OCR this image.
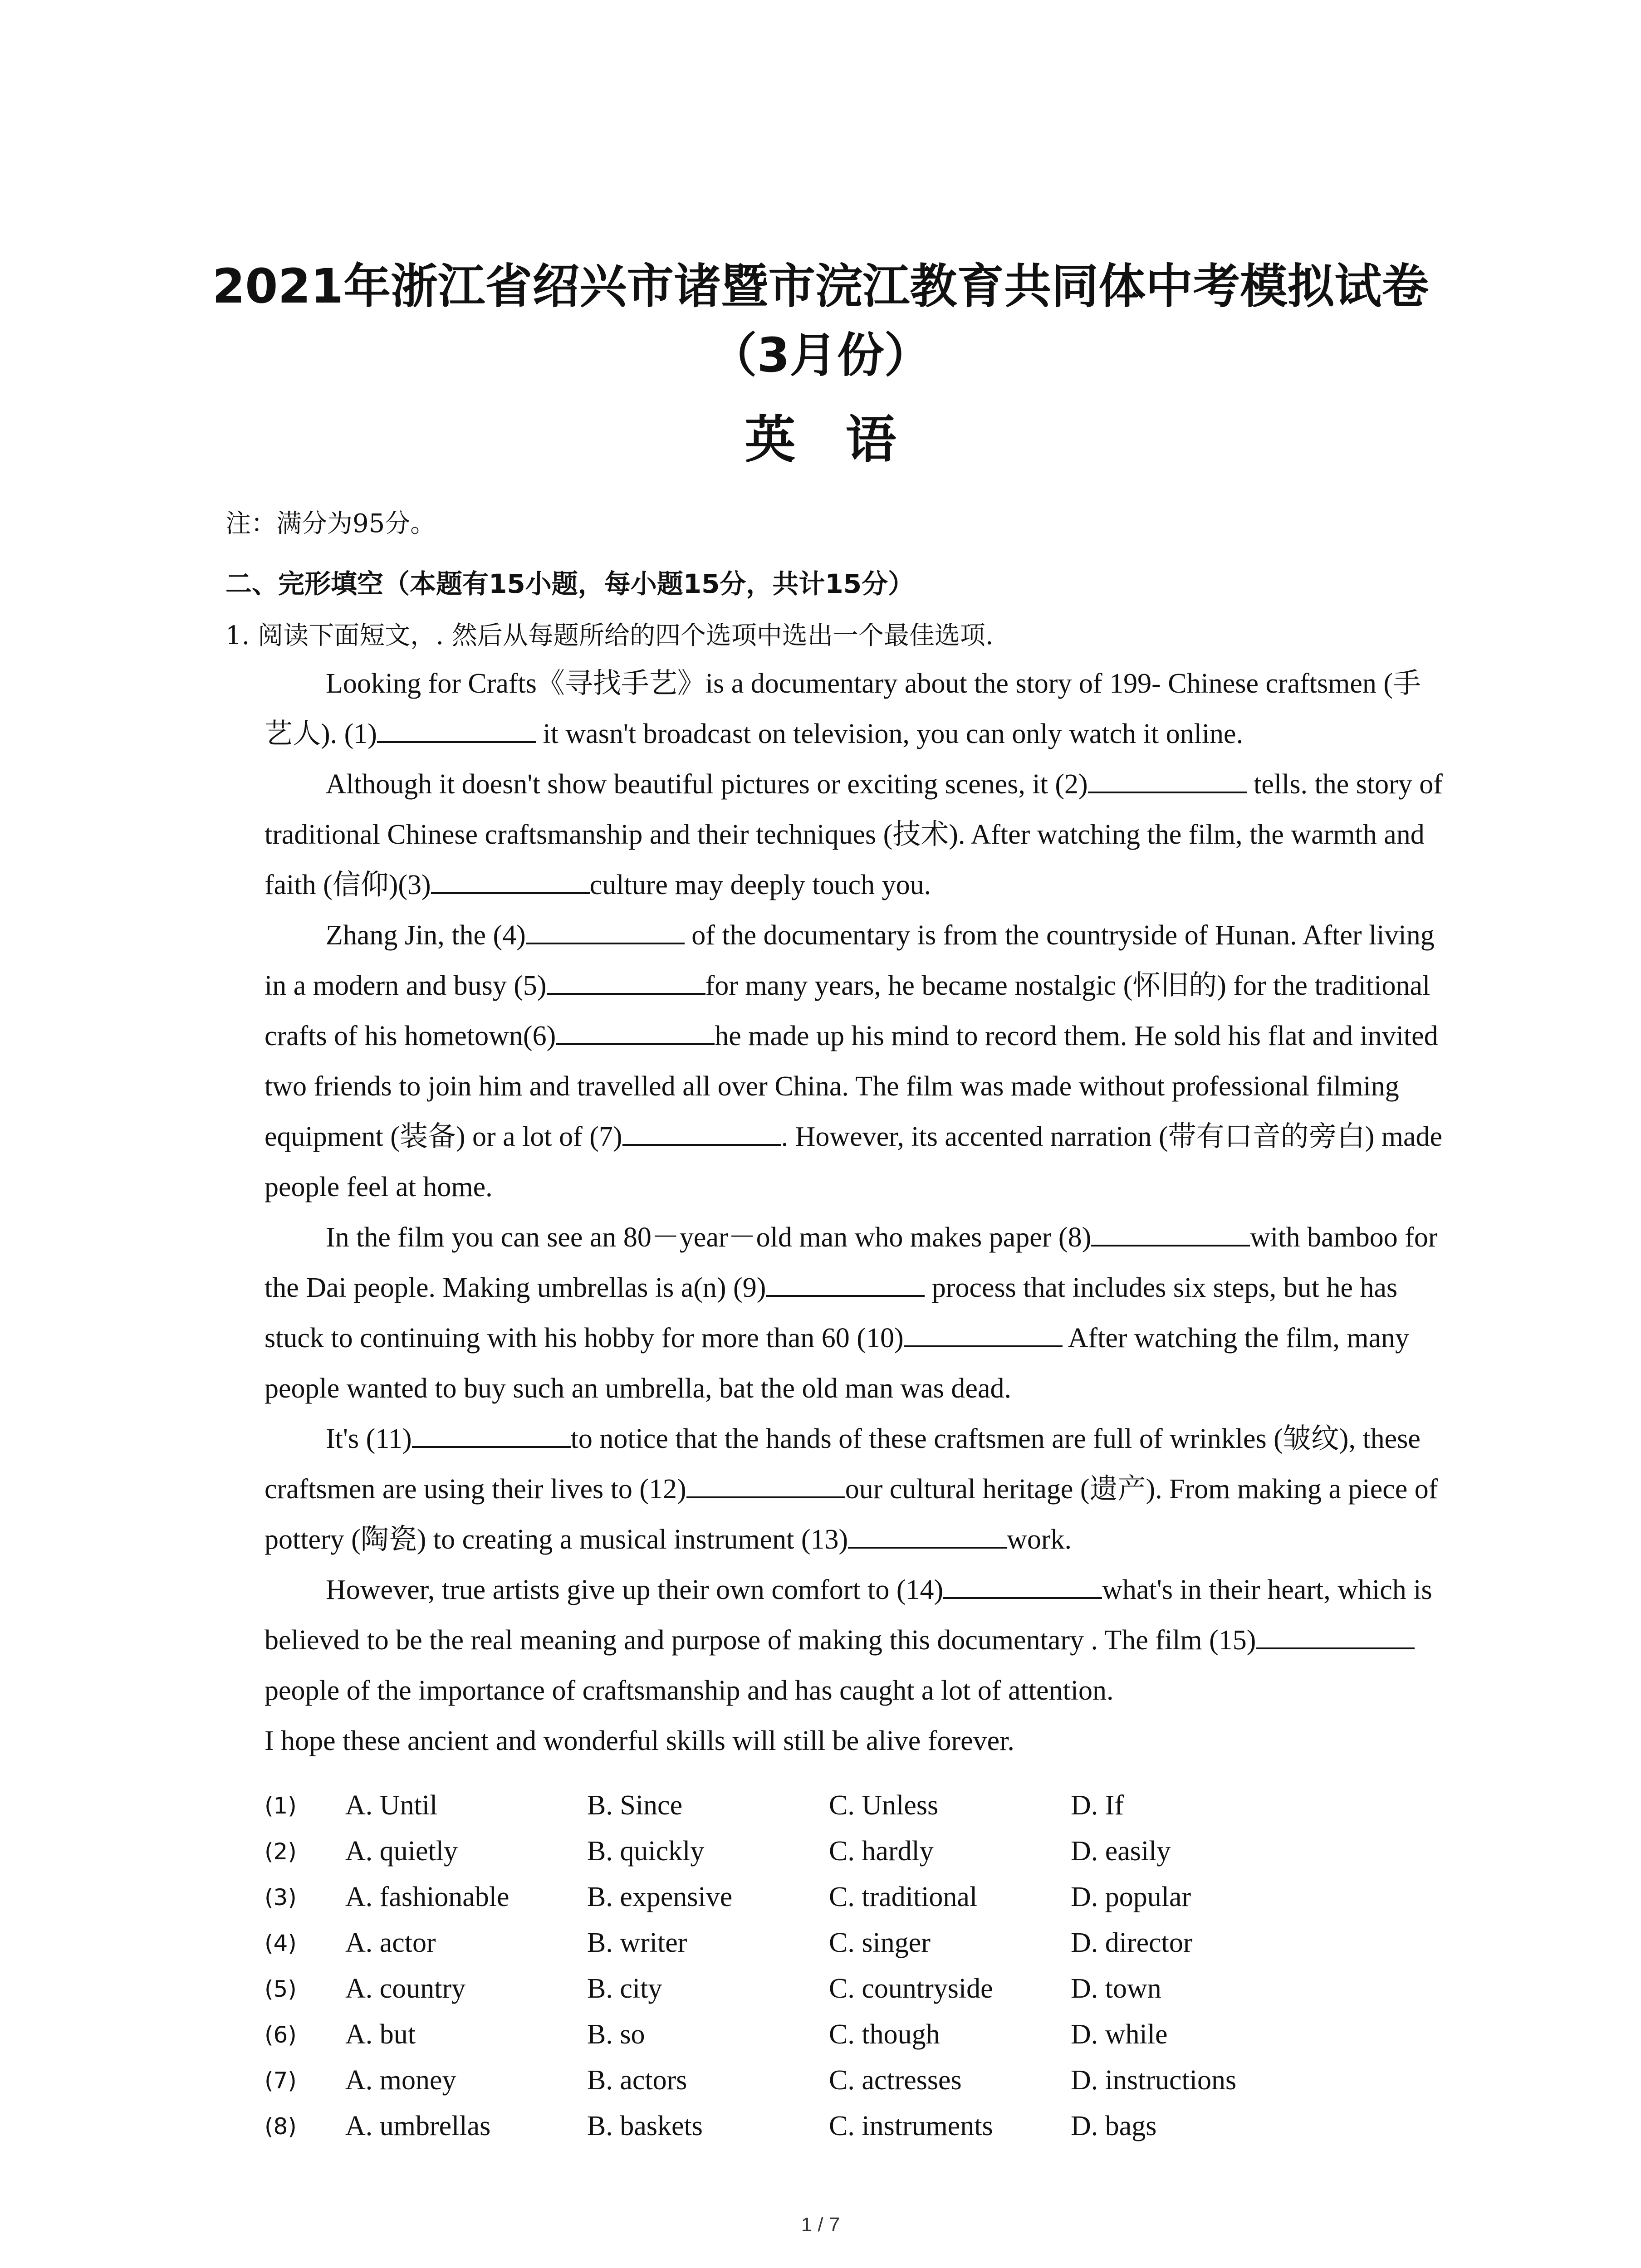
2021年浙江省绍兴市诸暨市浣江教育共同体中考模拟试卷（3月份）
英语
注：满分为95分。
二、完形填空（本题有15小题，每小题15分，共计15分）
1. 阅读下面短文，. 然后从每题所给的四个选项中选出一个最佳选项.

Looking for Crafts《寻找手艺》is a documentary about the story of 199- Chinese craftsmen (手艺人). (1)	it wasn't broadcast on television, you can only watch it online.

Although it doesn't show beautiful pictures or exciting scenes, it (2)	tells. the story of traditional Chinese craftsmanship and their techniques (技术). After watching the film, the warmth and faith (信仰)(3)	culture may deeply touch you.

Zhang Jin, the (4)	of the documentary is from the countryside of Hunan. After living in a modern and busy (5)	for many years, he became nostalgic (怀旧的) for the traditional crafts of his hometown(6)	he made up his mind to record them. He sold his flat and invited two friends to join him and travelled all over China. The film was made without professional filming equipment (装备) or a lot of (7)	. However, its accented narration (带有口音的旁白) made people feel at home.

In the film you can see an 80－year－old man who makes paper (8)	with bamboo for the Dai people. Making umbrellas is a(n) (9)	process that includes six steps, but he has stuck to continuing with his hobby for more than 60 (10)	After watching the film, many people wanted to buy such an umbrella, bat the old man was dead.

It's (11)	to notice that the hands of these craftsmen are full of wrinkles (皱纹), these craftsmen are using their lives to (12)	our cultural heritage (遗产). From making a piece of pottery (陶瓷) to creating a musical instrument (13)	work.

However, true artists give up their own comfort to (14)	what's in their heart, which is believed to be the real meaning and purpose of making this documentary . The film (15)people of the importance of craftsmanship and has caught a lot of attention.

I hope these ancient and wonderful skills will still be alive forever.

(1)	A. Until	B. Since	C. Unless	D. If
(2)	A. quietly	B. quickly	C. hardly	D. easily
(3)	A. fashionable	B. expensive	C. traditional	D. popular
(4)	A. actor	B. writer	C. singer	D. director
(5)	A. country	B. city	C. countryside	D. town
(6)	A. but	B. so	C. though	D. while
(7)	A. money	B. actors	C. actresses	D. instructions
(8)	A. umbrellas	B. baskets	C. instruments	D. bags
1 / 7
